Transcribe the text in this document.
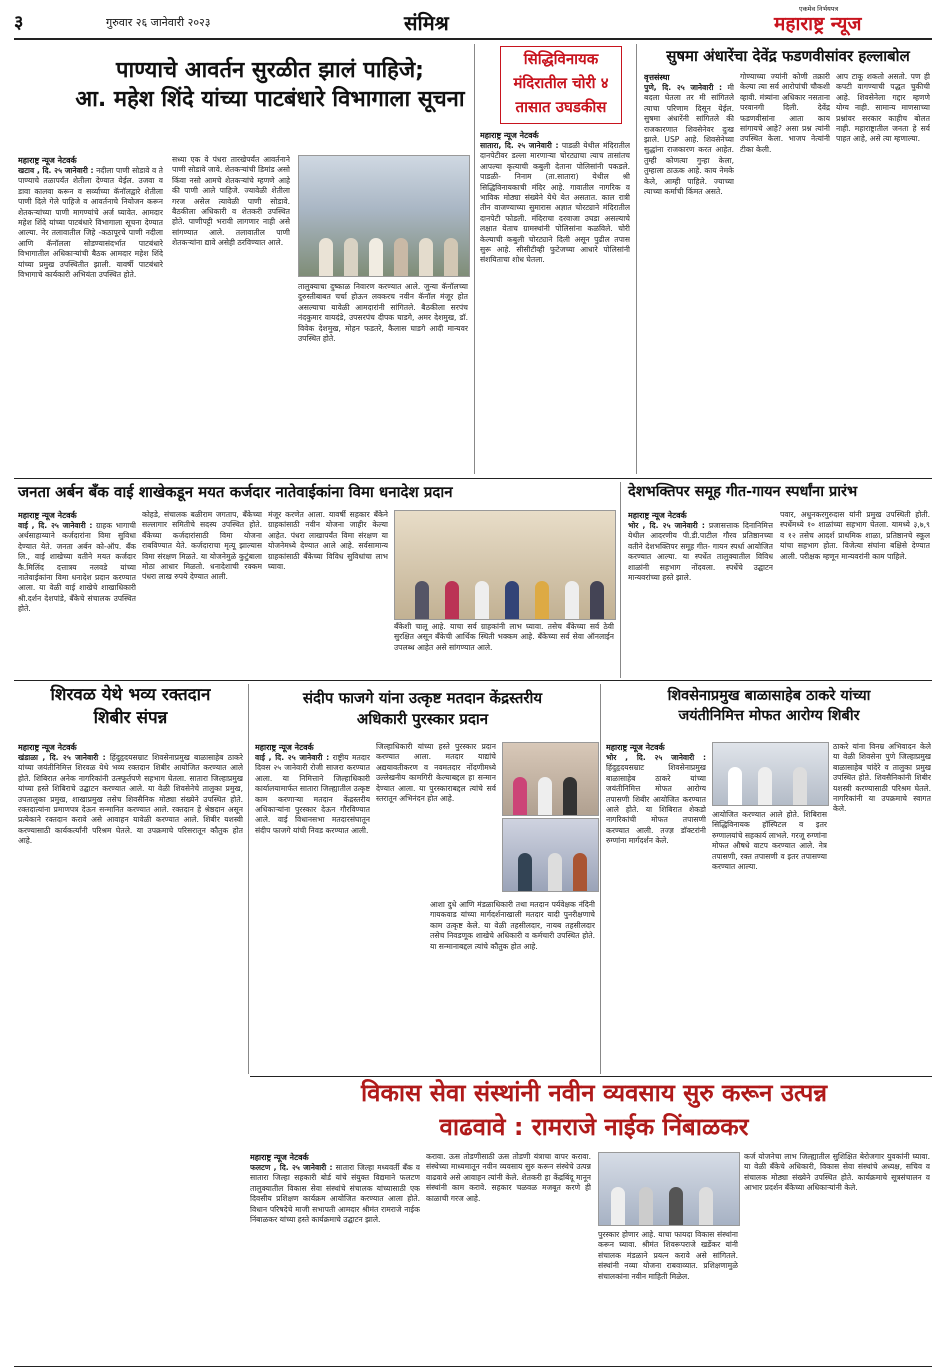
३	गुरुवार २६ जानेवारी २०२३	संमिश्र
एकमेव निर्भयपत्र
महाराष्ट्र न्यूज
पाण्याचे आवर्तन सुरळीत झालं पाहिजे;
आ. महेश शिंदे यांच्या पाटबंधारे विभागाला सूचना
महाराष्ट्र न्यूज नेटवर्क
खटाव , दि. २५ जानेवारी : नदीला पाणी सोडावे व ते पाण्याचे तळापर्यंत शेतीला देण्यात येईल. उजवा व डावा कालवा करून व सर्व्याच्या कॅनॉलद्वारे शेतीला पाणी दिले गेले पाहिजे व आवर्तनाचे नियोजन करून शेतकऱ्यांच्या पाणी मागण्यांचे अर्ज घ्यावेत. आमदार महेश शिंदे यांच्या पाटबंधारे विभागाला सूचना देण्यात आल्या. नेर तलावातील जिहे -कठापूरचे पाणी नदीला आणि कॅनॉलला सोडण्यासंदर्भात पाटबंधारे विभागातील अधिकाऱ्यांची बैठक आमदार महेश शिंदे यांच्या प्रमुख उपस्थितीत झाली. यावर्षी पाटबंधारे विभागाचे कार्यकारी अभियंता उपस्थित होते.
सध्या एक वे पंधरा तारखेपर्यंत आवर्तनाने पाणी सोडावे जावे. शेतकऱ्यांची डिमांड असो किंवा नसो आमचे शेतकऱ्यांचे म्हणणे आहे की पाणी आले पाहिजे. ज्यावेळी शेतीला गरज असेल त्यावेळी पाणी सोडावे. बैठकीला अधिकारी व शेतकरी उपस्थित होते. पाणीपट्टी भरावी लागणार नाही असे सांगण्यात आले. तलावातील पाणी शेतकऱ्यांना द्यावे असेही ठरविण्यात आले.
तालुक्याचा दुष्काळ निवारण करण्यात आले. जुन्या कॅनॉलच्या दुरुस्तीबाबत चर्चा होऊन लवकरच नवीन कॅनॉल मंजूर होत असल्याचा यावेळी आमदारांनी सांगितले. बैठकीला सरपंच नंदकुमार वायदंडे, उपसरपंच दीपक घाडगे, अमर देशमुख, डॉ. विवेक देशमुख, मोहन फडतरे, कैलास घाडगे आदी मान्यवर उपस्थित होते.
सिद्धिविनायक
मंदिरातील चोरी ४
तासात उघडकीस
महाराष्ट्र न्यूज नेटवर्क
सातारा, दि. २५ जानेवारी : पाडळी येथील मंदिरातील दानपेटीवर डल्ला मारणाऱ्या चोरट्याचा त्याच तासांतच आपल्या कृत्याची कबुली देताना पोलिसांनी पकडले. पाडळी- निनाम (ता.सातारा) येथील श्री सिद्धिविनायकाची मंदिर आहे. गावातील नागरिक व भाविक मोठ्या संख्येने येथे येत असतात. काल रात्री तीन वाजण्याच्या सुमारास अज्ञात चोरट्याने मंदिरातील दानपेटी फोडली. मंदिराचा दरवाजा उघडा असल्याचे लक्षात येताच ग्रामस्थांनी पोलिसांना कळविले. चोरी केल्याची कबुली चोरट्याने दिली असून पुढील तपास सुरू आहे. सीसीटीव्ही फुटेजच्या आधारे पोलिसांनी संशयिताचा शोध घेतला.
सुषमा अंधारेंचा देवेंद्र फडणवीसांवर हल्लाबोल
वृत्तसंस्था
पुणे, दि. २५ जानेवारी : मी बदला घेतला तर मी सांगितले त्याचा परिणाम दिसून येईल. सुषमा अंधारेंनी सांगितले की राजकारणात शिवसेनेवर दुःख झाले. USP आहे. शिवसेनेच्या सुद्धांना राजकारण करत आहेत. तुम्ही कोणत्या गुन्हा केला, तुम्हाला ठाऊक आहे. काय नेमके केले, आम्ही पाहिले. ज्याच्या त्याच्या कर्माची किंमत असते.
गोण्याच्या ज्यांनी कोणी तक्रारी केल्या त्या सर्व आरोपांची चौकशी व्हावी. मंत्र्यांना अधिकार नसताना परवानगी दिली. देवेंद्र फडणवीसांना आता काय सांगायचे आहे? असा प्रश्न त्यांनी उपस्थित केला. भाजप नेत्यांनी टीका केली.
आप टाकू शकतो असतो. पण ही कपटी वागण्याची पद्धत चुकीची आहे. शिवसेनेला गद्दार म्हणणे योग्य नाही. सामान्य माणसाच्या प्रश्नांवर सरकार काहीच बोलत नाही. महाराष्ट्रातील जनता हे सर्व पाहत आहे, असे त्या म्हणाल्या.
जनता अर्बन बँक वाई शाखेकडून मयत कर्जदार नातेवाईकांना विमा धनादेश प्रदान
महाराष्ट्र न्यूज नेटवर्क
वाई , दि. २५ जानेवारी : ग्राहक भागाची अर्थसाहाय्याने कर्जदारांना विमा सुविधा देण्यात येते. जनता अर्बन को-ऑप. बँक लि., वाई शाखेच्या वतीने मयत कर्जदार कै.मिलिंद दत्तात्रय नलवडे यांच्या नातेवाईकांना विमा धनादेश प्रदान करण्यात आला. या वेळी वाई शाखेचे शाखाधिकारी श्री.दर्शन देशपांडे, बँकेचे संचालक उपस्थित होते.
कोहडे, संचालक बळीराम जगताप, बँकेच्या सल्लागार समितीचे सदस्य उपस्थित होते. बँकेच्या कर्जदारांसाठी विमा योजना राबविण्यात येते. कर्जदाराचा मृत्यू झाल्यास विमा संरक्षण मिळते. या योजनेमुळे कुटुंबाला मोठा आधार मिळतो. धनादेशाची रक्कम पंधरा लाख रुपये देण्यात आली.
मंजूर करणेत आला. यावर्षी सहकार बँकेने ग्राहकांसाठी नवीन योजना जाहीर केल्या आहेत. पंधरा लाखापर्यंत विमा संरक्षण या योजनेमध्ये देण्यात आले आहे. सर्वसामान्य ग्राहकांसाठी बँकेच्या विविध सुविधांचा लाभ घ्यावा.
बँकेशी चालू आहे. याचा सर्व ग्राहकांनी लाभ घ्यावा. तसेच बँकेच्या सर्व ठेवी सुरक्षित असून बँकेची आर्थिक स्थिती भक्कम आहे. बँकेच्या सर्व सेवा ऑनलाईन उपलब्ध आहेत असे सांगण्यात आले.
देशभक्तिपर समूह गीत-गायन स्पर्धांना प्रारंभ
महाराष्ट्र न्यूज नेटवर्क
भोर , दि. २५ जानेवारी : प्रजासत्ताक दिनानिमित्त येथील आदरणीय पी.डी.पाटील गौरव प्रतिष्ठानच्या वतीने देशभक्तिपर समूह गीत- गायन स्पर्धा आयोजित करण्यात आल्या. या स्पर्धेत तालुक्यातील विविध शाळांनी सहभाग नोंदवला. स्पर्धेचे उद्घाटन मान्यवरांच्या हस्ते झाले.
पवार, अधुनकरगुरुदास यांनी प्रमुख उपस्थिती होती. स्पर्धेमध्ये १० शाळांच्या सहभाग घेतला. यामध्ये ३,७,९ व १२ तसेच आदर्श प्राथमिक शाळा, प्रतिष्ठानचे स्कूल यांचा सहभाग होता. विजेत्या संघांना बक्षिसे देण्यात आली. परीक्षक म्हणून मान्यवरांनी काम पाहिले.
शिरवळ येथे भव्य रक्तदान
शिबीर संपन्न
महाराष्ट्र न्यूज नेटवर्क
खंडाळा , दि. २५ जानेवारी : हिंदुहृदयसम्राट शिवसेनाप्रमुख बाळासाहेब ठाकरे यांच्या जयंतीनिमित्त शिरवळ येथे भव्य रक्तदान शिबीर आयोजित करण्यात आले होते. शिबिरात अनेक नागरिकांनी उत्स्फूर्तपणे सहभाग घेतला. सातारा जिल्हाप्रमुख यांच्या हस्ते शिबिराचे उद्घाटन करण्यात आले. या वेळी शिवसेनेचे तालुका प्रमुख, उपतालुका प्रमुख, शाखाप्रमुख तसेच शिवसैनिक मोठ्या संख्येने उपस्थित होते. रक्तदात्यांना प्रमाणपत्र देऊन सन्मानित करण्यात आले. रक्तदान हे श्रेष्ठदान असून प्रत्येकाने रक्तदान करावे असे आवाहन यावेळी करण्यात आले. शिबीर यशस्वी करण्यासाठी कार्यकर्त्यांनी परिश्रम घेतले. या उपक्रमाचे परिसरातून कौतुक होत आहे.
संदीप फाजगे यांना उत्कृष्ट मतदान केंद्रस्तरीय
अधिकारी पुरस्कार प्रदान
महाराष्ट्र न्यूज नेटवर्क
वाई , दि. २५ जानेवारी : राष्ट्रीय मतदार दिवस २५ जानेवारी रोजी साजरा करण्यात आला. या निमित्ताने जिल्हाधिकारी कार्यालयामार्फत सातारा जिल्ह्यातील उत्कृष्ट काम करणाऱ्या मतदान केंद्रस्तरीय अधिकाऱ्यांना पुरस्कार देऊन गौरविण्यात आले. वाई विधानसभा मतदारसंघातून संदीप फाजगे यांची निवड करण्यात आली.
जिल्हाधिकारी यांच्या हस्ते पुरस्कार प्रदान करण्यात आला. मतदार याद्यांचे अद्ययावतीकरण व नवमतदार नोंदणीमध्ये उल्लेखनीय कामगिरी केल्याबद्दल हा सन्मान देण्यात आला. या पुरस्काराबद्दल त्यांचे सर्व स्तरातून अभिनंदन होत आहे.
आशा दुधे आणि मंडळाधिकारी तथा मतदान पर्यवेक्षक नंदिनी गायकवाड यांच्या मार्गदर्शनाखाली मतदार यादी पुनरीक्षणाचे काम उत्कृष्ट केले. या वेळी तहसीलदार, नायब तहसीलदार तसेच निवडणूक शाखेचे अधिकारी व कर्मचारी उपस्थित होते. या सन्मानाबद्दल त्यांचे कौतुक होत आहे.
शिवसेनाप्रमुख बाळासाहेब ठाकरे यांच्या
जयंतीनिमित्त मोफत आरोग्य शिबीर
महाराष्ट्र न्यूज नेटवर्क
भोर , दि. २५ जानेवारी : हिंदुहृदयसम्राट शिवसेनाप्रमुख बाळासाहेब ठाकरे यांच्या जयंतीनिमित्त मोफत आरोग्य तपासणी शिबीर आयोजित करण्यात आले होते. या शिबिरात शेकडो नागरिकांची मोफत तपासणी करण्यात आली. तज्ज्ञ डॉक्टरांनी रुग्णांना मार्गदर्शन केले.
आयोजित करण्यात आले होते. शिबिरास सिद्धिविनायक हॉस्पिटल व इतर रुग्णालयांचे सहकार्य लाभले. गरजू रुग्णांना मोफत औषधे वाटप करण्यात आले. नेत्र तपासणी, रक्त तपासणी व इतर तपासण्या करण्यात आल्या.
ठाकरे यांना विनम्र अभिवादन केले या वेळी शिवसेना पुणे जिल्हाप्रमुख बाळासाहेब चांदेरे व तालुका प्रमुख उपस्थित होते. शिवसैनिकांनी शिबीर यशस्वी करण्यासाठी परिश्रम घेतले. नागरिकांनी या उपक्रमाचे स्वागत केले.
विकास सेवा संस्थांनी नवीन व्यवसाय सुरु करून उत्पन्न
वाढवावे : रामराजे नाईक निंबाळकर
महाराष्ट्र न्यूज नेटवर्क
फलटण , दि. २५ जानेवारी : सातारा जिल्हा मध्यवर्ती बँक व सातारा जिल्हा सहकारी बोर्ड यांचे संयुक्त विद्यमाने फलटण तालुक्यातील विकास सेवा संस्थांचे संचालक यांच्यासाठी एक दिवसीय प्रशिक्षण कार्यक्रम आयोजित करण्यात आला होते. विधान परिषदेचे माजी सभापती आमदार श्रीमंत रामराजे नाईक निंबाळकर यांच्या हस्ते कार्यक्रमाचे उद्घाटन झाले.
करावा. ऊस तोडणीसाठी ऊस तोडणी यंत्राचा वापर करावा. संस्थेच्या माध्यमातून नवीन व्यवसाय सुरु करून संस्थेचे उत्पन्न वाढवावे असे आवाहन त्यांनी केले. शेतकरी हा केंद्रबिंदू मानून संस्थांनी काम करावे. सहकार चळवळ मजबूत करणे ही काळाची गरज आहे.
पुरस्कार होणार आहे. याचा फायदा विकास संस्थांना करून घ्यावा. श्रीमंत शिवरूपराजे खर्डेकर यांनी संचालक मंडळाने प्रयत्न करावे असे सांगितले. संस्थांनी नव्या योजना राबवाव्यात. प्रशिक्षणामुळे संचालकांना नवीन माहिती मिळेल.
कर्ज योजनेचा लाभ जिल्ह्यातील सुशिक्षित बेरोजगार युवकांनी घ्यावा. या वेळी बँकेचे अधिकारी, विकास सेवा संस्थांचे अध्यक्ष, सचिव व संचालक मोठ्या संख्येने उपस्थित होते. कार्यक्रमाचे सूत्रसंचालन व आभार प्रदर्शन बँकेच्या अधिकाऱ्यांनी केले.
